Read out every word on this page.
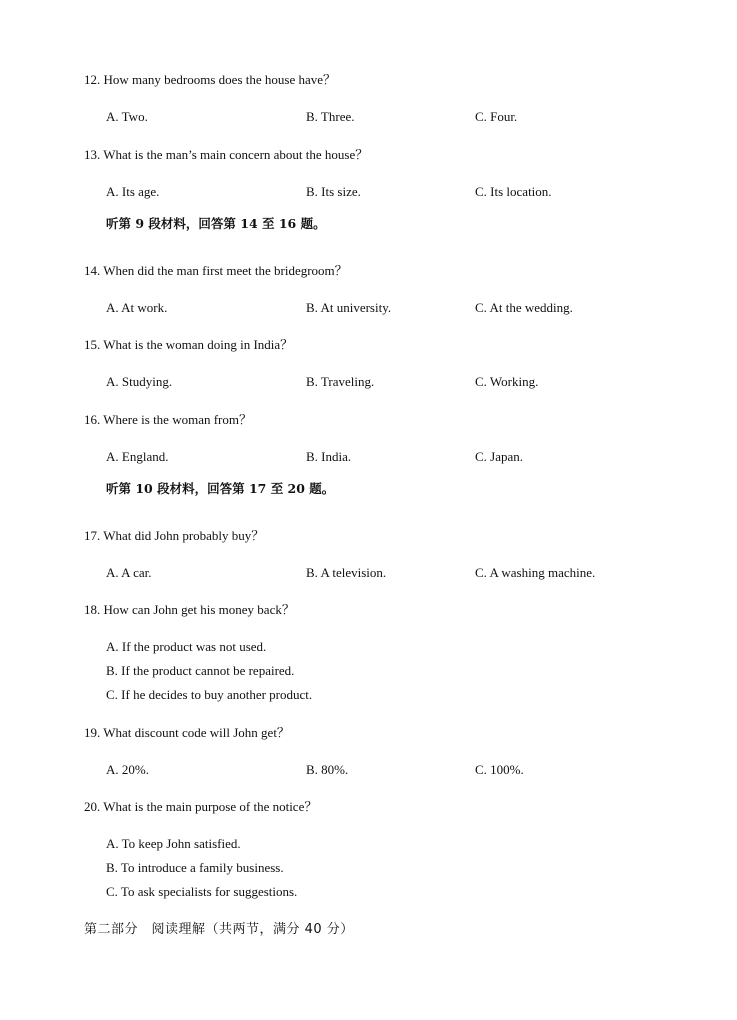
12. How many bedrooms does the house have？
A. Two.	B. Three.	C. Four.
13. What is the man’s main concern about the house？
A. Its age.	B. Its size.	C. Its location.
听第 9 段材料，回答第 14 至 16 题。
14. When did the man first meet the bridegroom？
A. At work.	B. At university.	C. At the wedding.
15. What is the woman doing in India？
A. Studying.	B. Traveling.	C. Working.
16. Where is the woman from？
A. England.	B. India.	C. Japan.
听第 10 段材料，回答第 17 至 20 题。
17. What did John probably buy？
A. A car.	B. A television.	C. A washing machine.
18. How can John get his money back？
A. If the product was not used.
B. If the product cannot be repaired.
C. If he decides to buy another product.
19. What discount code will John get？
A. 20%.	B. 80%.	C. 100%.
20. What is the main purpose of the notice？
A. To keep John satisfied.
B. To introduce a family business.
C. To ask specialists for suggestions.
第二部分　阅读理解（共两节，满分 40 分）
